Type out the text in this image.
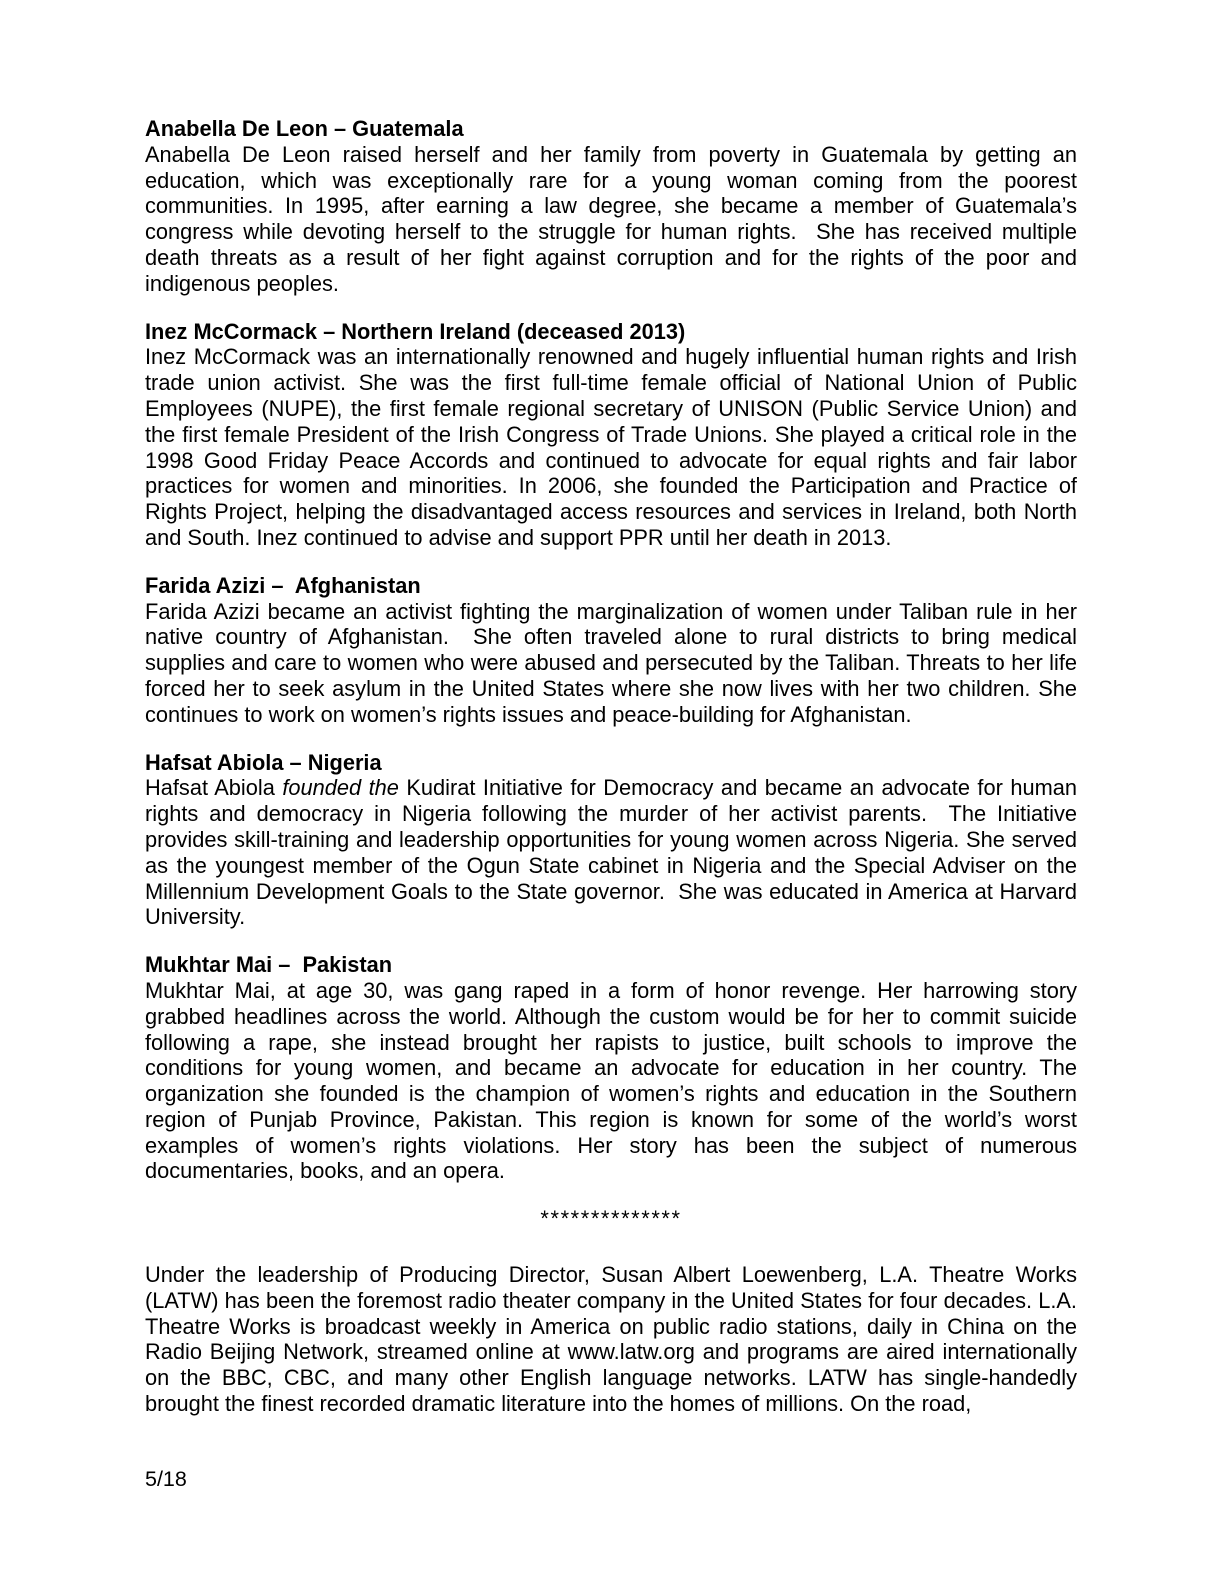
Anabella De Leon – Guatemala

Anabella De Leon raised herself and her family from poverty in Guatemala by getting an education, which was exceptionally rare for a young woman coming from the poorest communities. In 1995, after earning a law degree, she became a member of Guatemala’s congress while devoting herself to the struggle for human rights.  She has received multiple death threats as a result of her fight against corruption and for the rights of the poor and indigenous peoples.

Inez McCormack – Northern Ireland (deceased 2013)

Inez McCormack was an internationally renowned and hugely influential human rights and Irish trade union activist. She was the first full-time female official of National Union of Public Employees (NUPE), the first female regional secretary of UNISON (Public Service Union) and the first female President of the Irish Congress of Trade Unions. She played a critical role in the 1998 Good Friday Peace Accords and continued to advocate for equal rights and fair labor practices for women and minorities. In 2006, she founded the Participation and Practice of Rights Project, helping the disadvantaged access resources and services in Ireland, both North and South. Inez continued to advise and support PPR until her death in 2013.

Farida Azizi –  Afghanistan

Farida Azizi became an activist fighting the marginalization of women under Taliban rule in her native country of Afghanistan.  She often traveled alone to rural districts to bring medical supplies and care to women who were abused and persecuted by the Taliban. Threats to her life forced her to seek asylum in the United States where she now lives with her two children. She continues to work on women’s rights issues and peace-building for Afghanistan.

Hafsat Abiola – Nigeria

Hafsat Abiola founded the Kudirat Initiative for Democracy and became an advocate for human rights and democracy in Nigeria following the murder of her activist parents.  The Initiative provides skill-training and leadership opportunities for young women across Nigeria. She served as the youngest member of the Ogun State cabinet in Nigeria and the Special Adviser on the Millennium Development Goals to the State governor.  She was educated in America at Harvard University.

Mukhtar Mai –  Pakistan

Mukhtar Mai, at age 30, was gang raped in a form of honor revenge. Her harrowing story grabbed headlines across the world. Although the custom would be for her to commit suicide following a rape, she instead brought her rapists to justice, built schools to improve the conditions for young women, and became an advocate for education in her country. The organization she founded is the champion of women’s rights and education in the Southern region of Punjab Province, Pakistan. This region is known for some of the world’s worst examples of women’s rights violations. Her story has been the subject of numerous documentaries, books, and an opera.

**************

Under the leadership of Producing Director, Susan Albert Loewenberg, L.A. Theatre Works (LATW) has been the foremost radio theater company in the United States for four decades. L.A. Theatre Works is broadcast weekly in America on public radio stations, daily in China on the Radio Beijing Network, streamed online at www.latw.org and programs are aired internationally on the BBC, CBC, and many other English language networks. LATW has single-handedly brought the finest recorded dramatic literature into the homes of millions. On the road,

5/18
